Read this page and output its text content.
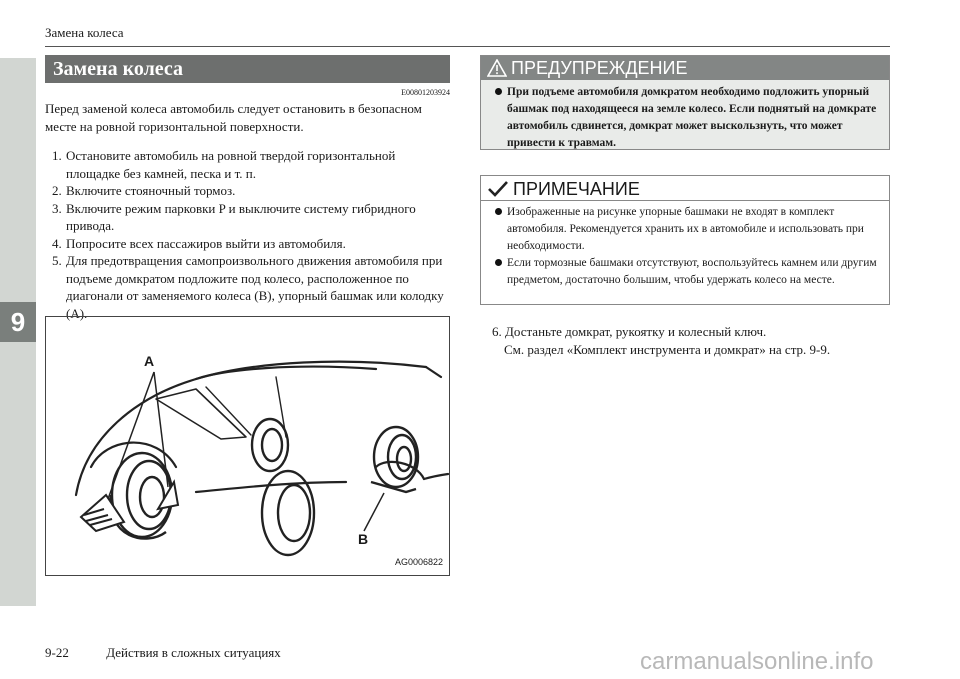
9
Замена колеса
Замена колеса
E00801203924
Перед заменой колеса автомобиль следует остановить в безопасном месте на ровной горизонтальной поверхности.
1. Остановите автомобиль на ровной твердой горизонтальной площадке без камней, песка и т. п.
2. Включите стояночный тормоз.
3. Включите режим парковки P и выключите систему гибридного привода.
4. Попросите всех пассажиров выйти из автомобиля.
5. Для предотвращения самопроизвольного движения автомобиля при подъеме домкратом подложите под колесо, расположенное по диагонали от заменяемого колеса (B), упорный башмак или колодку (A).
A
B
AG0006822
ПРЕДУПРЕЖДЕНИЕ
При подъеме автомобиля домкратом необходимо подложить упорный башмак под находящееся на земле колесо. Если поднятый на домкрате автомобиль сдвинется, домкрат может выскользнуть, что может привести к травмам.
ПРИМЕЧАНИЕ
Изображенные на рисунке упорные башмаки не входят в комплект автомобиля. Рекомендуется хранить их в автомобиле и использовать при необходимости.
Если тормозные башмаки отсутствуют, воспользуйтесь камнем или другим предметом, достаточно большим, чтобы удержать колесо на месте.
6. Достаньте домкрат, рукоятку и колесный ключ.
См. раздел «Комплект инструмента и домкрат» на стр. 9-9.
9-22	Действия в сложных ситуациях	carmanualsonline.info
